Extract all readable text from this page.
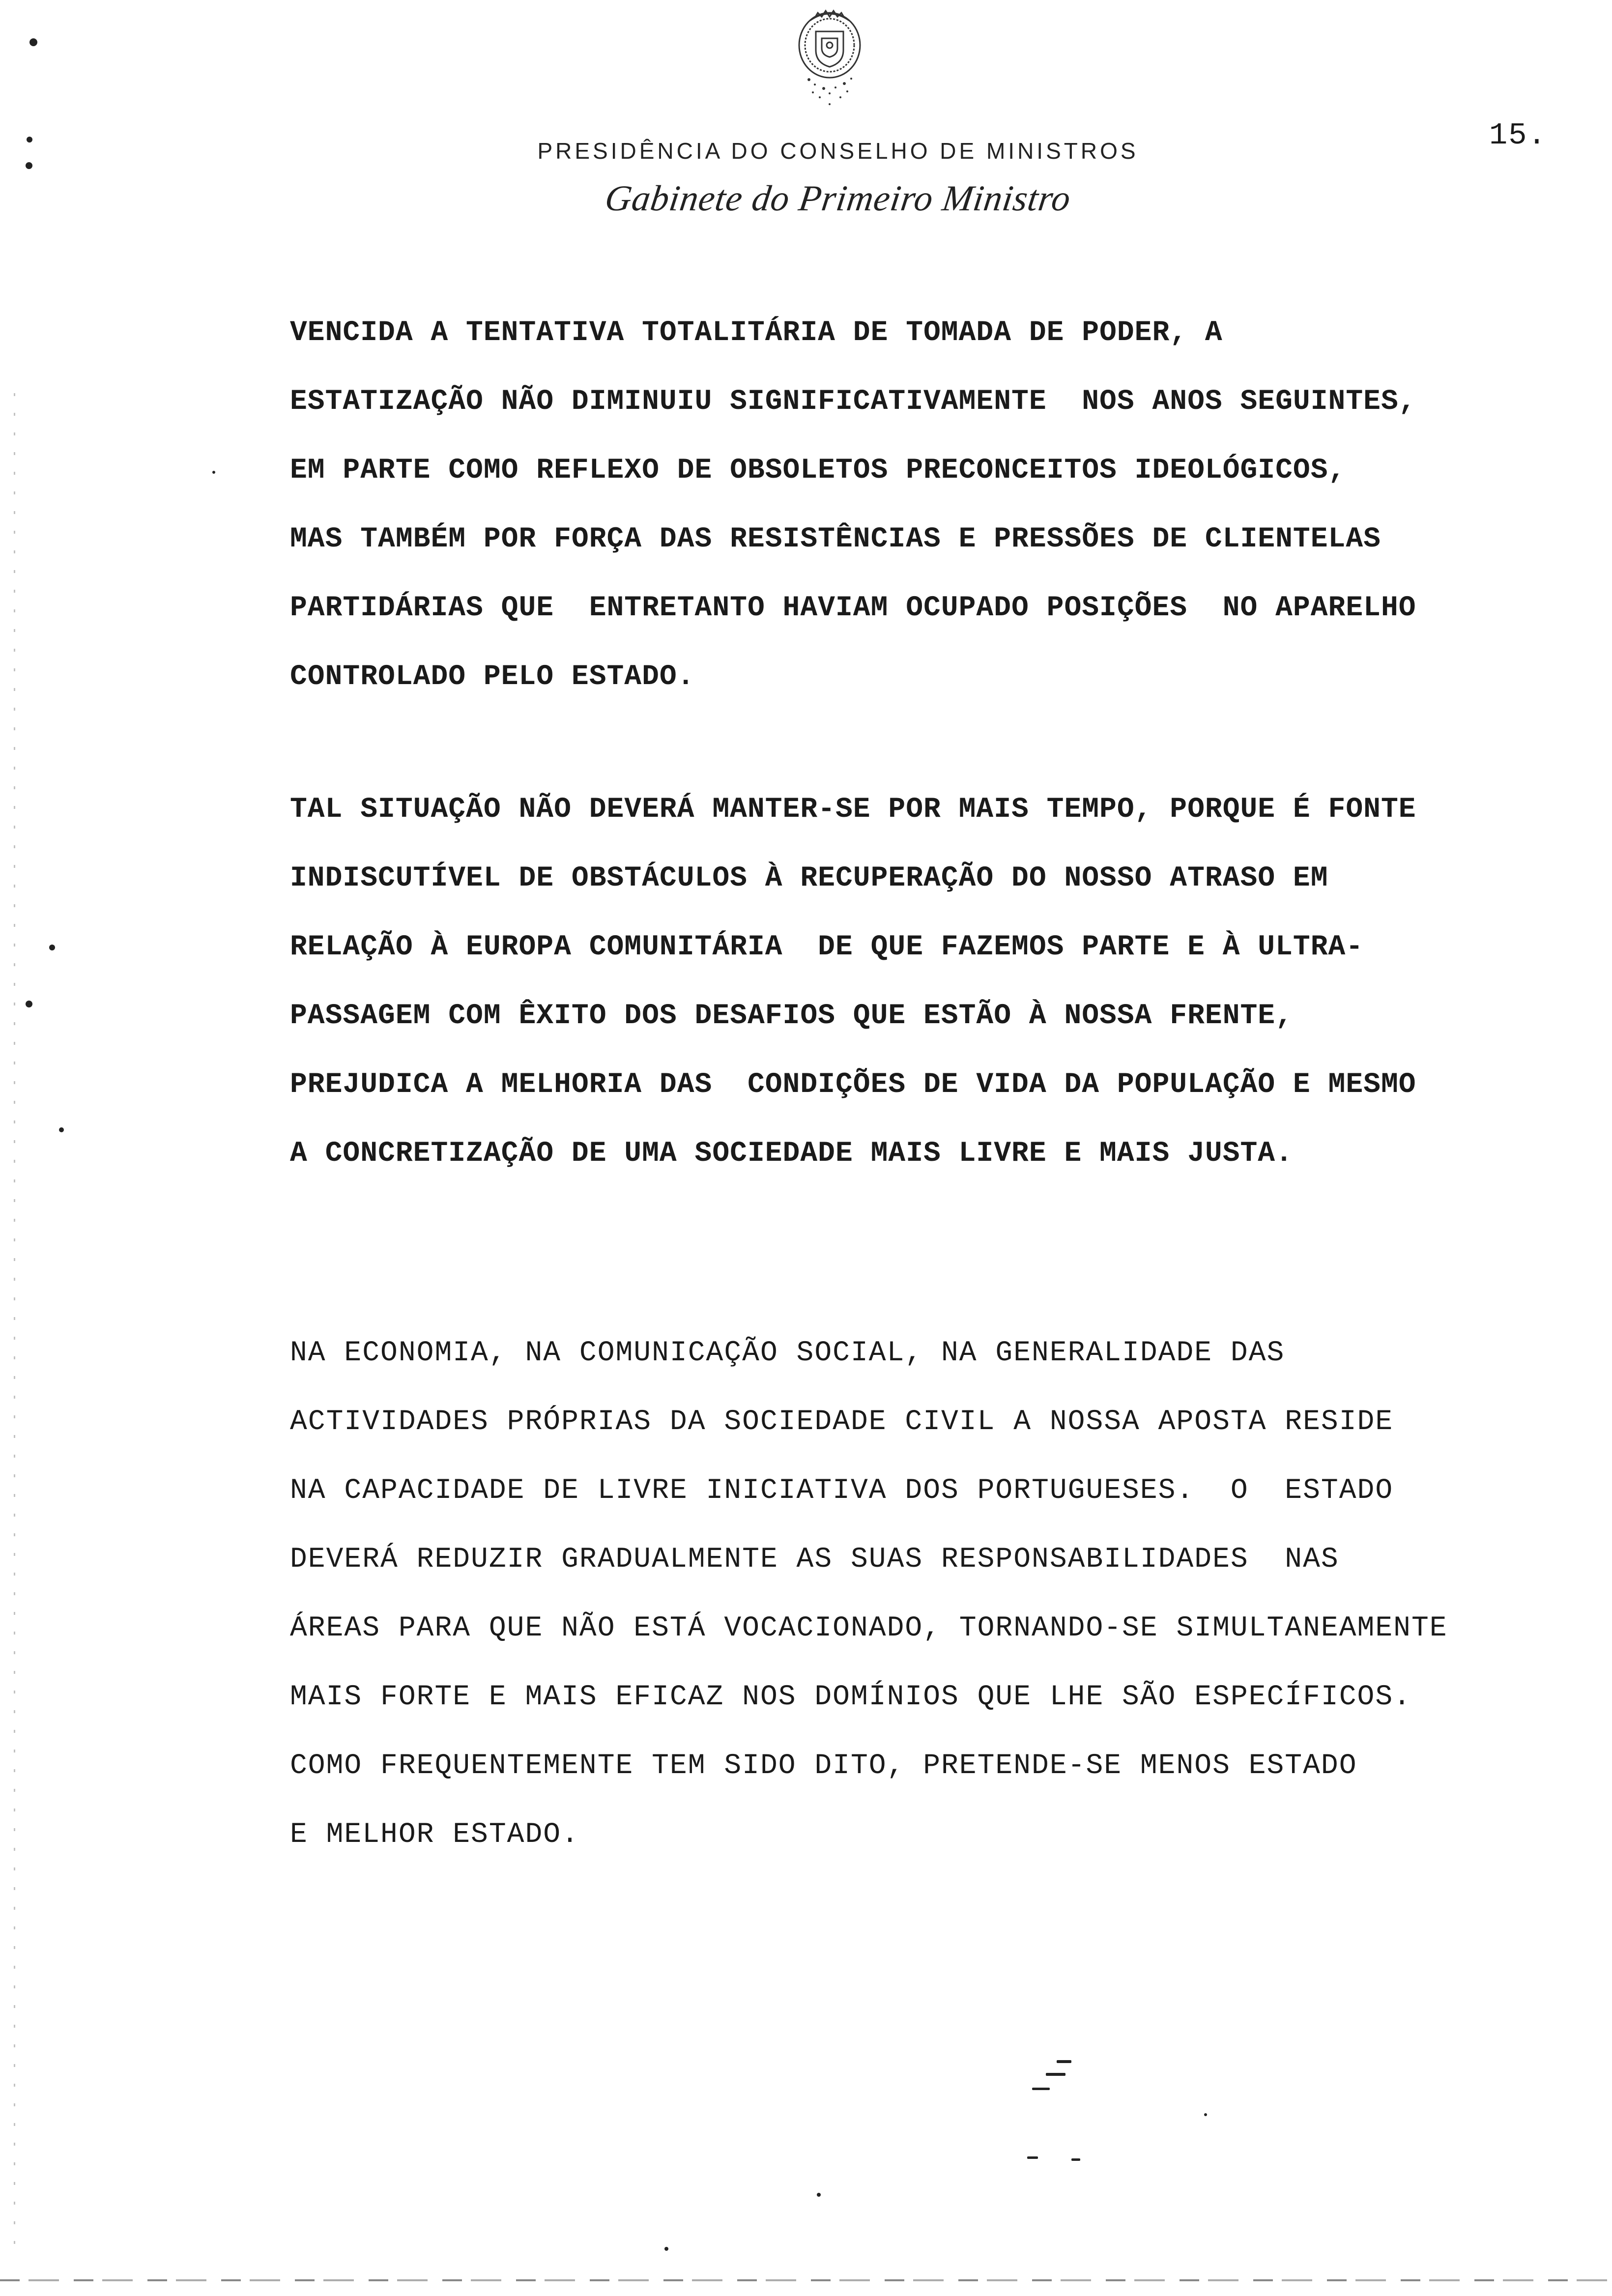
15.
PRESIDÊNCIA DO CONSELHO DE MINISTROS
Gabinete do Primeiro Ministro
VENCIDA A TENTATIVA TOTALITÁRIA DE TOMADA DE PODER, A
ESTATIZAÇÃO NÃO DIMINUIU SIGNIFICATIVAMENTE  NOS ANOS SEGUINTES,
EM PARTE COMO REFLEXO DE OBSOLETOS PRECONCEITOS IDEOLÓGICOS,
MAS TAMBÉM POR FORÇA DAS RESISTÊNCIAS E PRESSÕES DE CLIENTELAS
PARTIDÁRIAS QUE  ENTRETANTO HAVIAM OCUPADO POSIÇÕES  NO APARELHO
CONTROLADO PELO ESTADO.
TAL SITUAÇÃO NÃO DEVERÁ MANTER-SE POR MAIS TEMPO, PORQUE É FONTE
INDISCUTÍVEL DE OBSTÁCULOS À RECUPERAÇÃO DO NOSSO ATRASO EM
RELAÇÃO À EUROPA COMUNITÁRIA  DE QUE FAZEMOS PARTE E À ULTRA-
PASSAGEM COM ÊXITO DOS DESAFIOS QUE ESTÃO À NOSSA FRENTE,
PREJUDICA A MELHORIA DAS  CONDIÇÕES DE VIDA DA POPULAÇÃO E MESMO
A CONCRETIZAÇÃO DE UMA SOCIEDADE MAIS LIVRE E MAIS JUSTA.
NA ECONOMIA, NA COMUNICAÇÃO SOCIAL, NA GENERALIDADE DAS
ACTIVIDADES PRÓPRIAS DA SOCIEDADE CIVIL A NOSSA APOSTA RESIDE
NA CAPACIDADE DE LIVRE INICIATIVA DOS PORTUGUESES.  O  ESTADO
DEVERÁ REDUZIR GRADUALMENTE AS SUAS RESPONSABILIDADES  NAS
ÁREAS PARA QUE NÃO ESTÁ VOCACIONADO, TORNANDO-SE SIMULTANEAMENTE
MAIS FORTE E MAIS EFICAZ NOS DOMÍNIOS QUE LHE SÃO ESPECÍFICOS.
COMO FREQUENTEMENTE TEM SIDO DITO, PRETENDE-SE MENOS ESTADO
E MELHOR ESTADO.
